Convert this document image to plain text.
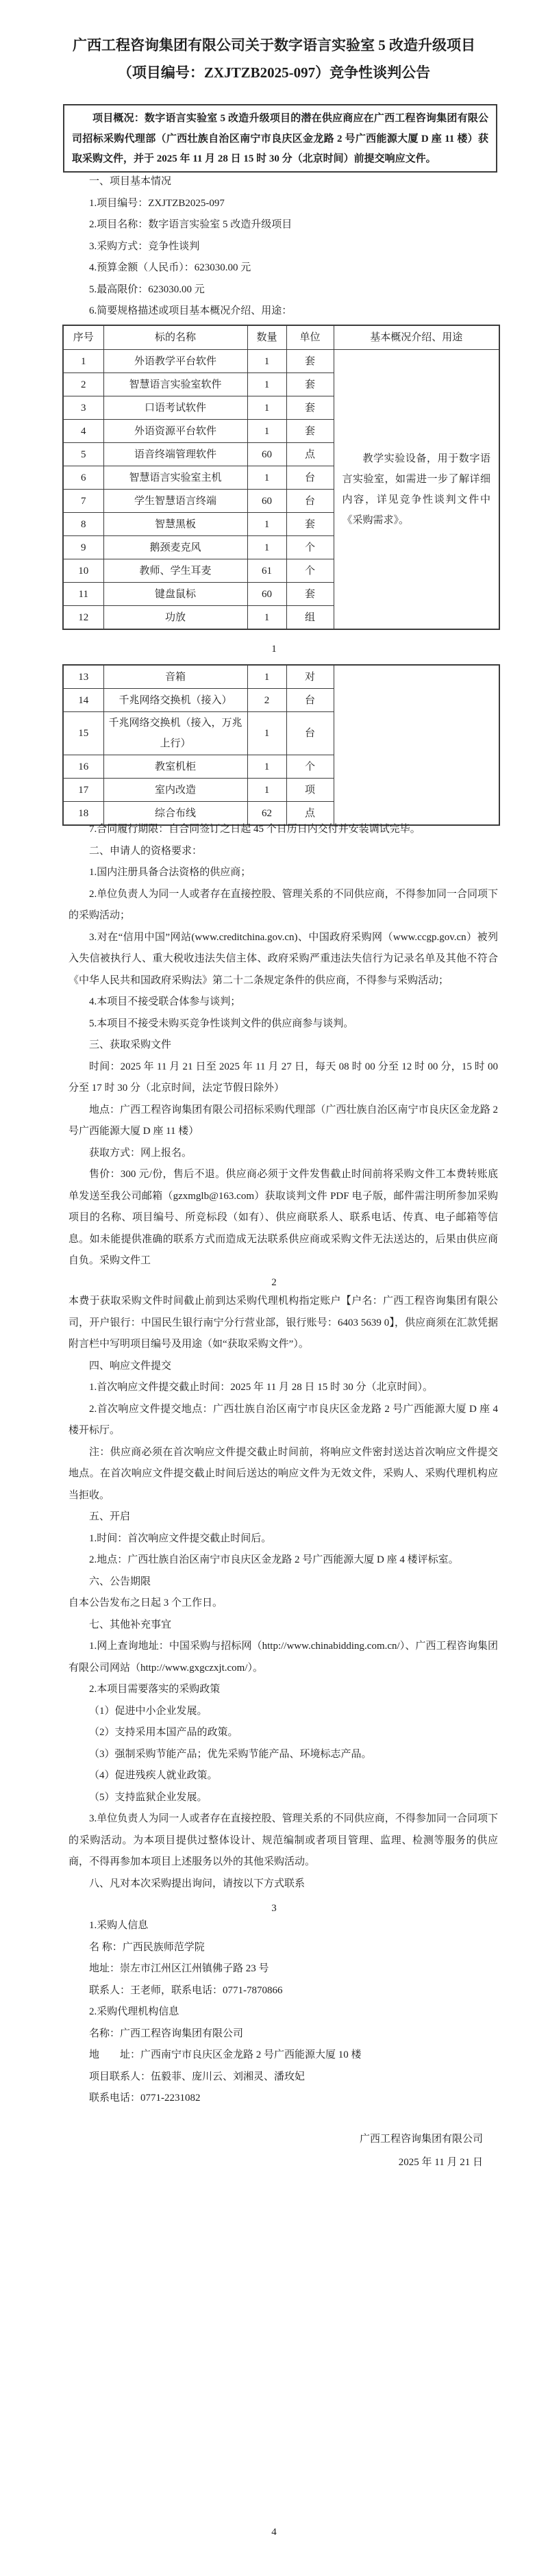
广西工程咨询集团有限公司关于数字语言实验室 5 改造升级项目
（项目编号：ZXJTZB2025-097）竞争性谈判公告

项目概况：数字语言实验室 5 改造升级项目的潜在供应商应在广西工程咨询集团有限公司招标采购代理部（广西壮族自治区南宁市良庆区金龙路 2 号广西能源大厦 D 座 11 楼）获取采购文件，并于 2025 年 11 月 28 日 15 时 30 分（北京时间）前提交响应文件。

一、项目基本情况

1.项目编号：ZXJTZB2025-097

2.项目名称：数字语言实验室 5 改造升级项目

3.采购方式：竞争性谈判

4.预算金额（人民币）：623030.00 元

5.最高限价：623030.00 元

6.简要规格描述或项目基本概况介绍、用途：

序号	标的名称	数量	单位	基本概况介绍、用途
1	外语教学平台软件	1	套	教学实验设备，用于数字语言实验室，如需进一步了解详细内容，详见竞争性谈判文件中《采购需求》。
2	智慧语言实验室软件	1	套	
3	口语考试软件	1	套	
4	外语资源平台软件	1	套	
5	语音终端管理软件	60	点	
6	智慧语言实验室主机	1	台	
7	学生智慧语言终端	60	台	
8	智慧黑板	1	套	
9	鹅颈麦克风	1	个	
10	教师、学生耳麦	61	个	
11	键盘鼠标	60	套	
12	功放	1	组	
1
13	音箱	1	对	
14	千兆网络交换机（接入）	2	台	
15	千兆网络交换机（接入，万兆上行）	1	台	
16	教室机柜	1	个	
17	室内改造	1	项	
18	综合布线	62	点	

7.合同履行期限：自合同签订之日起 45 个日历日内交付并安装调试完毕。

二、申请人的资格要求：

1.国内注册具备合法资格的供应商；

2.单位负责人为同一人或者存在直接控股、管理关系的不同供应商，不得参加同一合同项下的采购活动；

3.对在“信用中国”网站(www.creditchina.gov.cn)、中国政府采购网（www.ccgp.gov.cn）被列入失信被执行人、重大税收违法失信主体、政府采购严重违法失信行为记录名单及其他不符合《中华人民共和国政府采购法》第二十二条规定条件的供应商，不得参与采购活动；

4.本项目不接受联合体参与谈判；

5.本项目不接受未购买竞争性谈判文件的供应商参与谈判。

三、获取采购文件

时间：2025 年 11 月 21 日至 2025 年 11 月 27 日，每天 08 时 00 分至 12 时 00 分，15 时 00 分至 17 时 30 分（北京时间，法定节假日除外）

地点：广西工程咨询集团有限公司招标采购代理部（广西壮族自治区南宁市良庆区金龙路 2 号广西能源大厦 D 座 11 楼）

获取方式：网上报名。

售价：300 元/份，售后不退。供应商必须于文件发售截止时间前将采购文件工本费转账底单发送至我公司邮箱（gzxmglb@163.com）获取谈判文件 PDF 电子版，邮件需注明所参加采购项目的名称、项目编号、所竞标段（如有）、供应商联系人、联系电话、传真、电子邮箱等信息。如未能提供准确的联系方式而造成无法联系供应商或采购文件无法送达的，后果由供应商自负。采购文件工

2

本费于获取采购文件时间截止前到达采购代理机构指定账户【户名：广西工程咨询集团有限公司，开户银行：中国民生银行南宁分行营业部，银行账号：6403 5639 0】，供应商须在汇款凭据附言栏中写明项目编号及用途（如“获取采购文件”）。

四、响应文件提交

1.首次响应文件提交截止时间：2025 年 11 月 28 日 15 时 30 分（北京时间）。

2.首次响应文件提交地点：广西壮族自治区南宁市良庆区金龙路 2 号广西能源大厦 D 座 4 楼开标厅。

注：供应商必须在首次响应文件提交截止时间前，将响应文件密封送达首次响应文件提交地点。在首次响应文件提交截止时间后送达的响应文件为无效文件，采购人、采购代理机构应当拒收。

五、开启

1.时间：首次响应文件提交截止时间后。

2.地点：广西壮族自治区南宁市良庆区金龙路 2 号广西能源大厦 D 座 4 楼评标室。

六、公告期限

自本公告发布之日起 3 个工作日。

七、其他补充事宜

1.网上查询地址：中国采购与招标网（http://www.chinabidding.com.cn/）、广西工程咨询集团有限公司网站（http://www.gxgczxjt.com/）。

2.本项目需要落实的采购政策

（1）促进中小企业发展。

（2）支持采用本国产品的政策。

（3）强制采购节能产品；优先采购节能产品、环境标志产品。

（4）促进残疾人就业政策。

（5）支持监狱企业发展。

3.单位负责人为同一人或者存在直接控股、管理关系的不同供应商，不得参加同一合同项下的采购活动。为本项目提供过整体设计、规范编制或者项目管理、监理、检测等服务的供应商，不得再参加本项目上述服务以外的其他采购活动。

八、凡对本次采购提出询问，请按以下方式联系

3

1.采购人信息

名 称：广西民族师范学院

地址：崇左市江州区江州镇佛子路 23 号

联系人：王老师，联系电话：0771-7870866

2.采购代理机构信息

名称：广西工程咨询集团有限公司

地　　址：广西南宁市良庆区金龙路 2 号广西能源大厦 10 楼

项目联系人：伍毅菲、庞川云、刘湘灵、潘玫妃

联系电话：0771-2231082

广西工程咨询集团有限公司

2025 年 11 月 21 日

4
